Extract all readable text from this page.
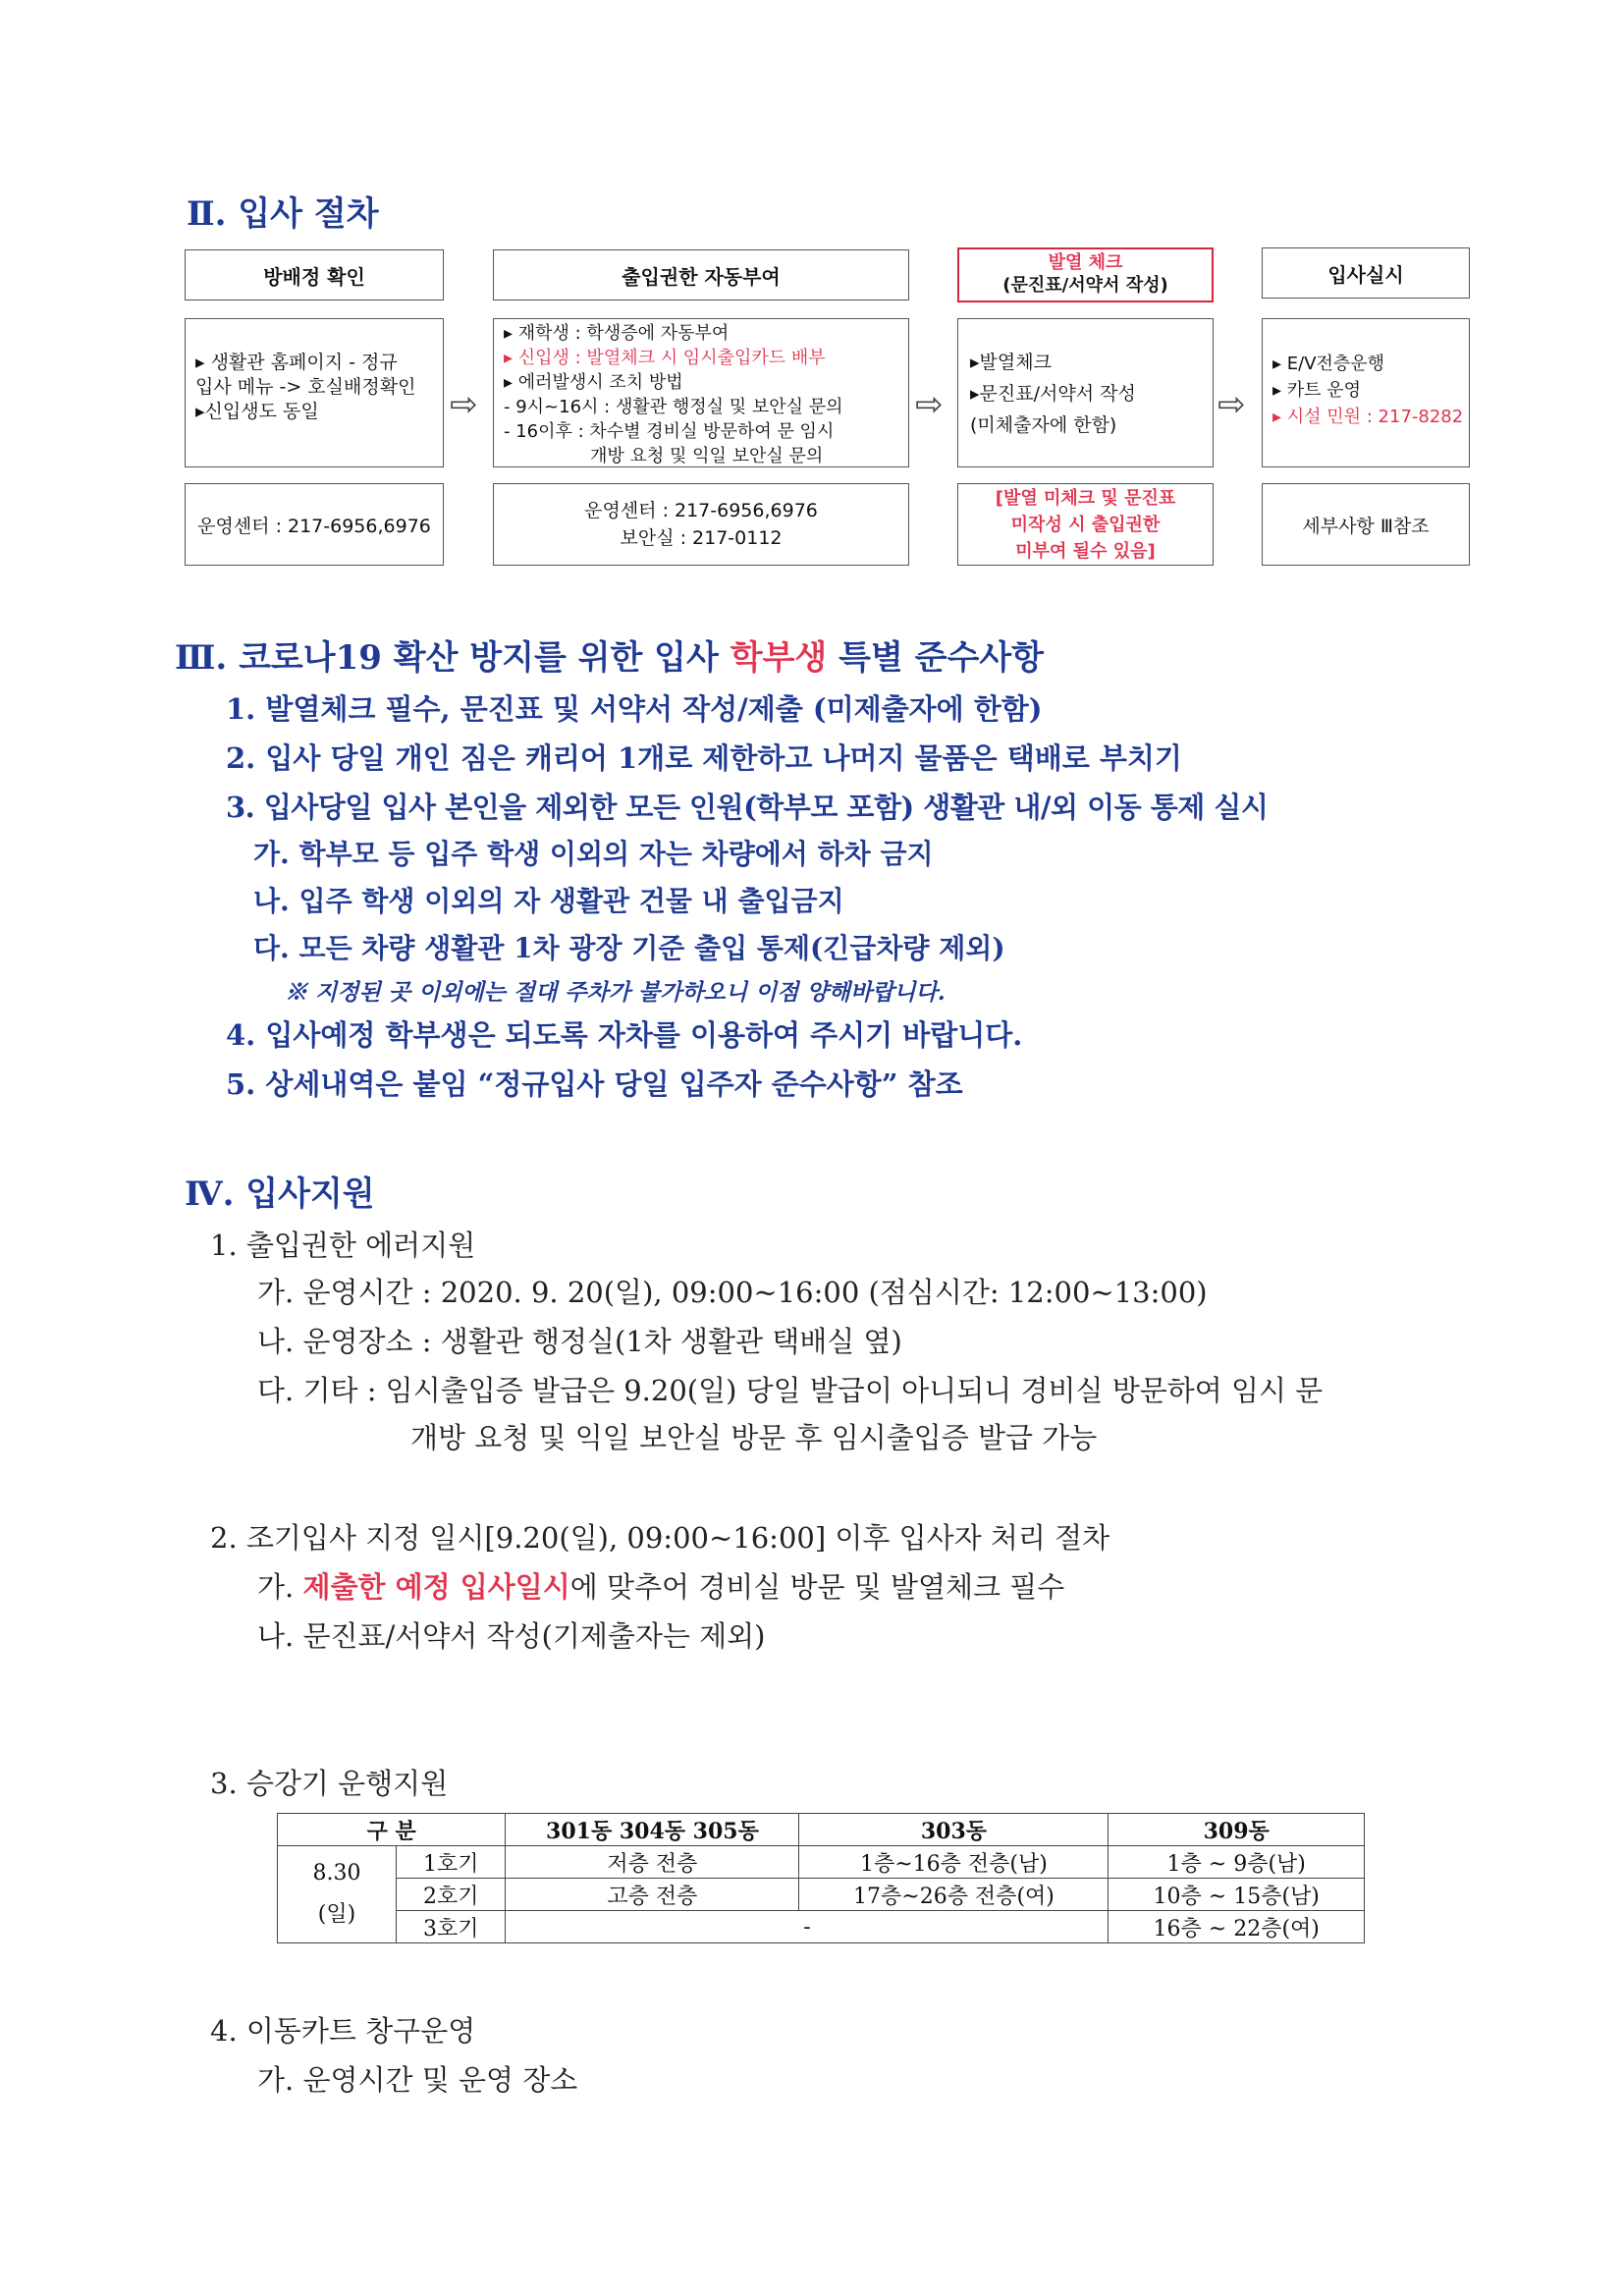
Ⅱ. 입사 절차
방배정 확인	출입권한 자동부여
발열 체크
(문진표/서약서 작성)	입사실시
▸ 생활관 홈페이지 - 정규
입사 메뉴 -> 호실배정확인
▸신입생도 동일	⇨
▸ 재학생 : 학생증에 자동부여
▸ 신입생 : 발열체크 시 임시출입카드 배부
▸ 에러발생시 조치 방법
- 9시~16시 : 생활관 행정실 및 보안실 문의
- 16이후 : 차수별 경비실 방문하여 문 임시
개방 요청 및 익일 보안실 문의
⇨
▸발열체크
▸문진표/서약서 작성
(미체출자에 한함)
⇨
▸ E/V전층운행
▸ 카트 운영
▸ 시설 민원 : 217-8282
운영센터 : 217-6956,6976
운영센터 : 217-6956,6976
보안실 : 217-0112
[발열 미체크 및 문진표
미작성 시 출입권한
미부여 될수 있음]
세부사항 Ⅲ참조
Ⅲ. 코로나19 확산 방지를 위한 입사 학부생 특별 준수사항
1. 발열체크 필수, 문진표 및 서약서 작성/제출 (미제출자에 한함)
2. 입사 당일 개인 짐은 캐리어 1개로 제한하고 나머지 물품은 택배로 부치기
3. 입사당일 입사 본인을 제외한 모든 인원(학부모 포함) 생활관 내/외 이동 통제 실시
가. 학부모 등 입주 학생 이외의 자는 차량에서 하차 금지
나. 입주 학생 이외의 자 생활관 건물 내 출입금지
다. 모든 차량 생활관 1차 광장 기준 출입 통제(긴급차량 제외)
※ 지정된 곳 이외에는 절대 주차가 불가하오니 이점 양해바랍니다.
4. 입사예정 학부생은 되도록 자차를 이용하여 주시기 바랍니다.
5. 상세내역은 붙임 “정규입사 당일 입주자 준수사항” 참조
Ⅳ. 입사지원
1. 출입권한 에러지원
가. 운영시간 : 2020. 9. 20(일), 09:00~16:00 (점심시간: 12:00~13:00)
나. 운영장소 : 생활관 행정실(1차 생활관 택배실 옆)
다. 기타 : 임시출입증 발급은 9.20(일) 당일 발급이 아니되니 경비실 방문하여 임시 문
개방 요청 및 익일 보안실 방문 후 임시출입증 발급 가능
2. 조기입사 지정 일시[9.20(일), 09:00~16:00] 이후 입사자 처리 절차
가. 제출한 예정 입사일시에 맞추어 경비실 방문 및 발열체크 필수
나. 문진표/서약서 작성(기제출자는 제외)
3. 승강기 운행지원
구 분		301동 304동 305동	303동	309동

8.30
(일)	1호기	저층 전층	1층~16층 전층(남)	1층 ~ 9층(남)
	2호기	고층 전층	17층~26층 전층(여)	10층 ~ 15층(남)
	3호기	-		16층 ~ 22층(여)
4. 이동카트 창구운영
가. 운영시간 및 운영 장소
